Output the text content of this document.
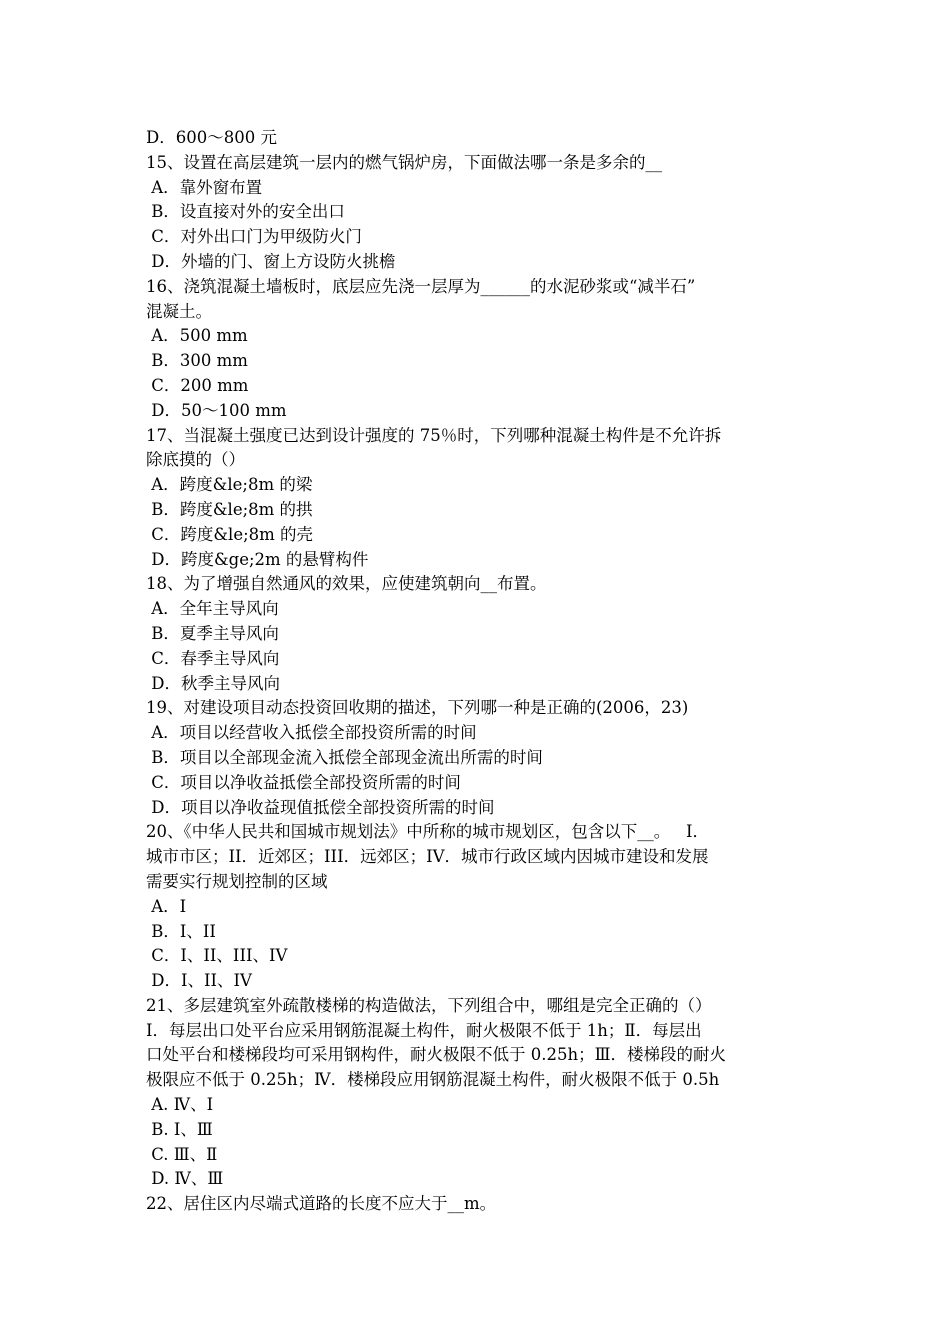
D．600～800 元
15、设置在高层建筑一层内的燃气锅炉房，下面做法哪一条是多余的__
A．靠外窗布置
B．设直接对外的安全出口
C．对外出口门为甲级防火门
D．外墙的门、窗上方设防火挑檐
16、浇筑混凝土墙板时，底层应先浇一层厚为______的水泥砂浆或“减半石”
混凝土。
A．500 mm
B．300 mm
C．200 mm
D．50～100 mm
17、当混凝土强度已达到设计强度的 75％时，下列哪种混凝土构件是不允许拆
除底摸的（）
A．跨度&le;8m 的梁
B．跨度&le;8m 的拱
C．跨度&le;8m 的壳
D．跨度&ge;2m 的悬臂构件
18、为了增强自然通风的效果，应使建筑朝向__布置。
A．全年主导风向
B．夏季主导风向
C．春季主导风向
D．秋季主导风向
19、对建设项目动态投资回收期的描述，下列哪一种是正确的(2006，23)
A．项目以经营收入抵偿全部投资所需的时间
B．项目以全部现金流入抵偿全部现金流出所需的时间
C．项目以净收益抵偿全部投资所需的时间
D．项目以净收益现值抵偿全部投资所需的时间
20、《中华人民共和国城市规划法》中所称的城市规划区，包含以下__。   I．
城市市区；II．近郊区；III．远郊区；IV．城市行政区域内因城市建设和发展
需要实行规划控制的区域
A．I
B．I、II
C．I、II、III、IV
D．I、II、IV
21、多层建筑室外疏散楼梯的构造做法，下列组合中，哪组是完全正确的（）
Ⅰ．每层出口处平台应采用钢筋混凝土构件，耐火极限不低于 1h；Ⅱ．每层出
口处平台和楼梯段均可采用钢构件，耐火极限不低于 0.25h；Ⅲ．楼梯段的耐火
极限应不低于 0.25h；Ⅳ．楼梯段应用钢筋混凝土构件，耐火极限不低于 0.5h
A. Ⅳ、Ⅰ
B. Ⅰ、Ⅲ
C. Ⅲ、Ⅱ
D. Ⅳ、Ⅲ
22、居住区内尽端式道路的长度不应大于__m。
